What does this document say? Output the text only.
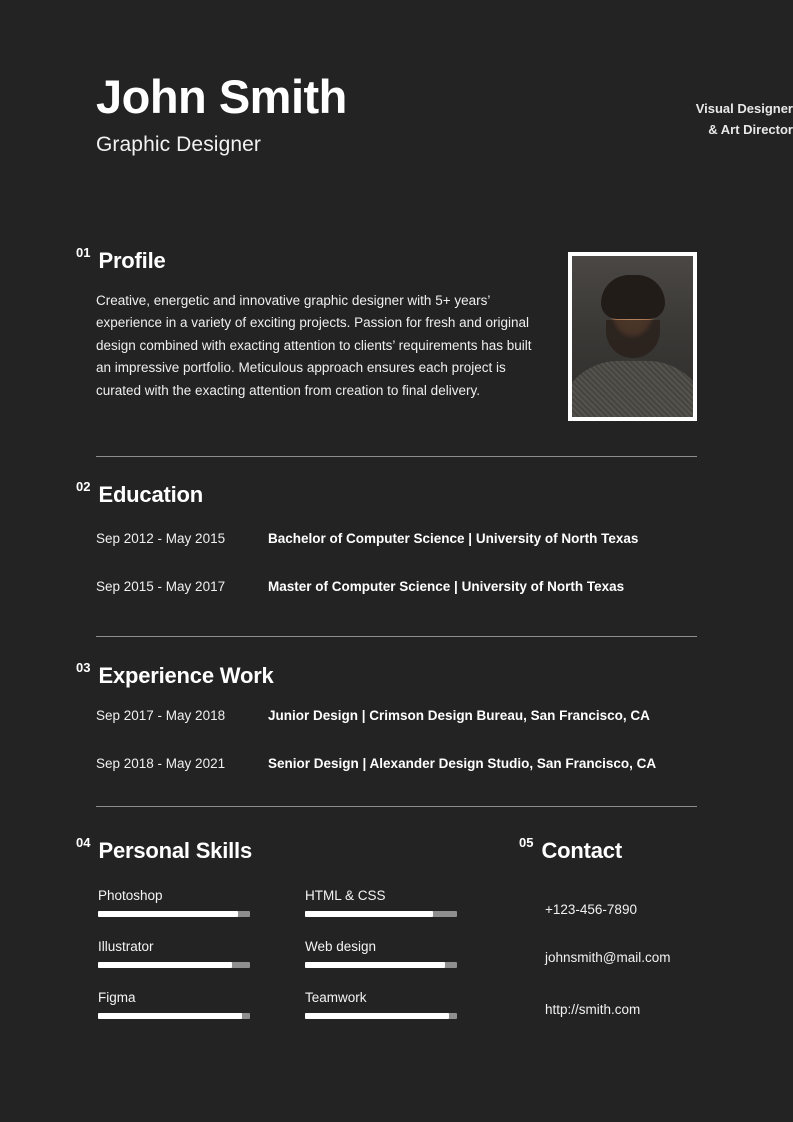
John Smith
Graphic Designer
Visual Designer
& Art Director
01 Profile
Creative, energetic and innovative graphic designer with 5+ years’ experience in a variety of exciting projects. Passion for fresh and original design combined with exacting attention to clients’ requirements has built an impressive portfolio. Meticulous approach ensures each project is curated with the exacting attention from creation to final delivery.
02 Education
Sep 2012 - May 2015	Bachelor of Computer Science | University of North Texas
Sep 2015 - May 2017	Master of Computer Science | University of North Texas
03 Experience Work
Sep 2017 - May 2018	Junior Design | Crimson Design Bureau, San Francisco, CA
Sep 2018 - May 2021	Senior Design | Alexander Design Studio, San Francisco, CA
04 Personal Skills	05 Contact
Photoshop
Illustrator
Figma
HTML & CSS
Web design
Teamwork
+123-456-7890
johnsmith@mail.com
http://smith.com
